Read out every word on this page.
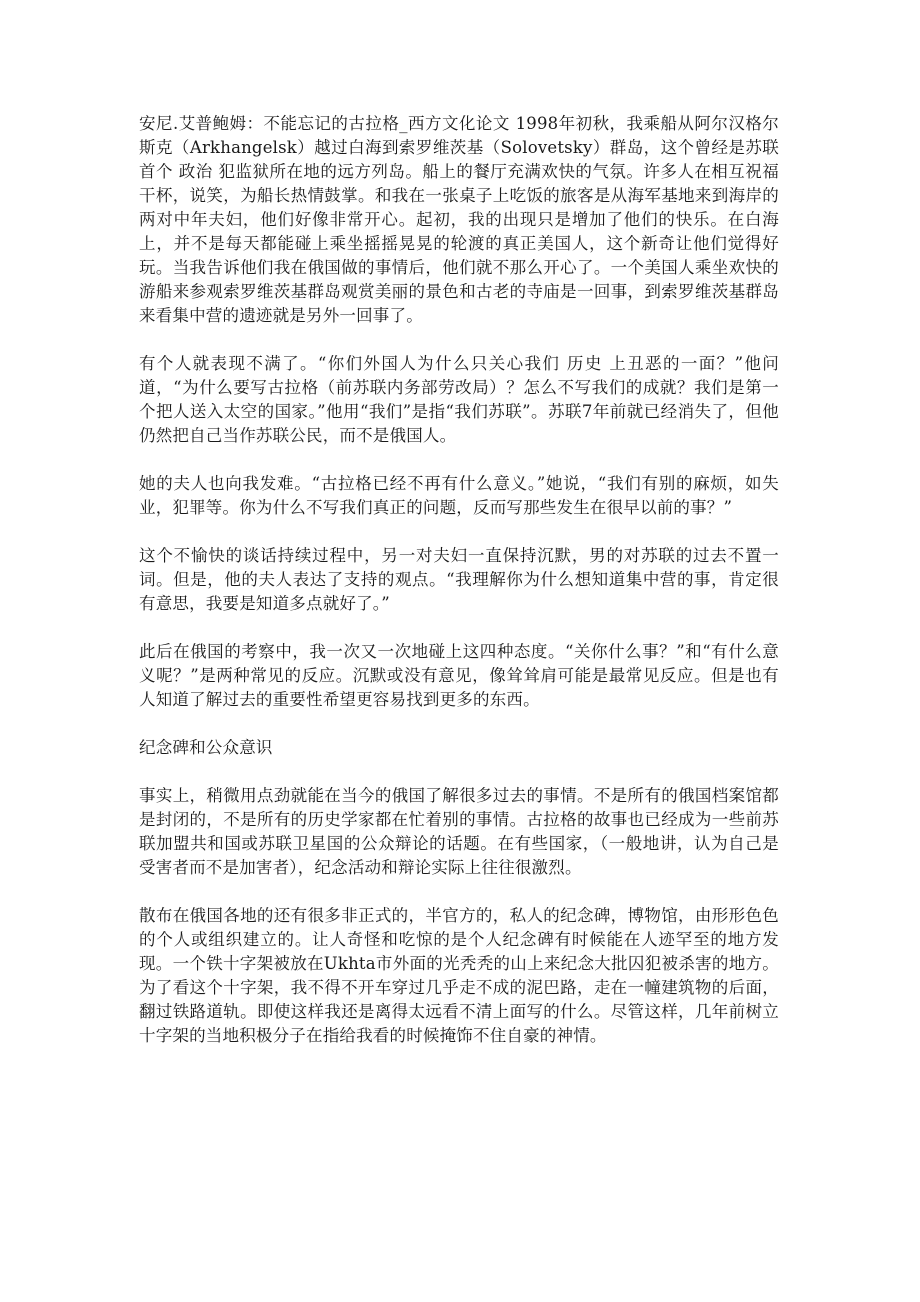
安尼.艾普鲍姆：不能忘记的古拉格_西方文化论文 1998年初秋，我乘船从阿尔汉格尔斯克（Arkhangelsk）越过白海到索罗维茨基（Solovetsky）群岛，这个曾经是苏联首个 政治 犯监狱所在地的远方列岛。船上的餐厅充满欢快的气氛。许多人在相互祝福干杯，说笑，为船长热情鼓掌。和我在一张桌子上吃饭的旅客是从海军基地来到海岸的两对中年夫妇，他们好像非常开心。起初，我的出现只是增加了他们的快乐。在白海上，并不是每天都能碰上乘坐摇摇晃晃的轮渡的真正美国人，这个新奇让他们觉得好玩。当我告诉他们我在俄国做的事情后，他们就不那么开心了。一个美国人乘坐欢快的游船来参观索罗维茨基群岛观赏美丽的景色和古老的寺庙是一回事，到索罗维茨基群岛来看集中营的遗迹就是另外一回事了。

有个人就表现不满了。“你们外国人为什么只关心我们 历史 上丑恶的一面？”他问道，“为什么要写古拉格（前苏联内务部劳改局）？怎么不写我们的成就？我们是第一个把人送入太空的国家。”他用“我们”是指“我们苏联”。苏联7年前就已经消失了，但他仍然把自己当作苏联公民，而不是俄国人。

她的夫人也向我发难。“古拉格已经不再有什么意义。”她说，“我们有别的麻烦，如失业，犯罪等。你为什么不写我们真正的问题，反而写那些发生在很早以前的事？”

这个不愉快的谈话持续过程中，另一对夫妇一直保持沉默，男的对苏联的过去不置一词。但是，他的夫人表达了支持的观点。“我理解你为什么想知道集中营的事，肯定很有意思，我要是知道多点就好了。”

此后在俄国的考察中，我一次又一次地碰上这四种态度。“关你什么事？”和“有什么意义呢？”是两种常见的反应。沉默或没有意见，像耸耸肩可能是最常见反应。但是也有人知道了解过去的重要性希望更容易找到更多的东西。

纪念碑和公众意识

事实上，稍微用点劲就能在当今的俄国了解很多过去的事情。不是所有的俄国档案馆都是封闭的，不是所有的历史学家都在忙着别的事情。古拉格的故事也已经成为一些前苏联加盟共和国或苏联卫星国的公众辩论的话题。在有些国家，（一般地讲，认为自己是受害者而不是加害者），纪念活动和辩论实际上往往很激烈。

散布在俄国各地的还有很多非正式的，半官方的，私人的纪念碑，博物馆，由形形色色的个人或组织建立的。让人奇怪和吃惊的是个人纪念碑有时候能在人迹罕至的地方发现。一个铁十字架被放在Ukhta市外面的光秃秃的山上来纪念大批囚犯被杀害的地方。为了看这个十字架，我不得不开车穿过几乎走不成的泥巴路，走在一幢建筑物的后面，翻过铁路道轨。即使这样我还是离得太远看不清上面写的什么。尽管这样，几年前树立十字架的当地积极分子在指给我看的时候掩饰不住自豪的神情。
